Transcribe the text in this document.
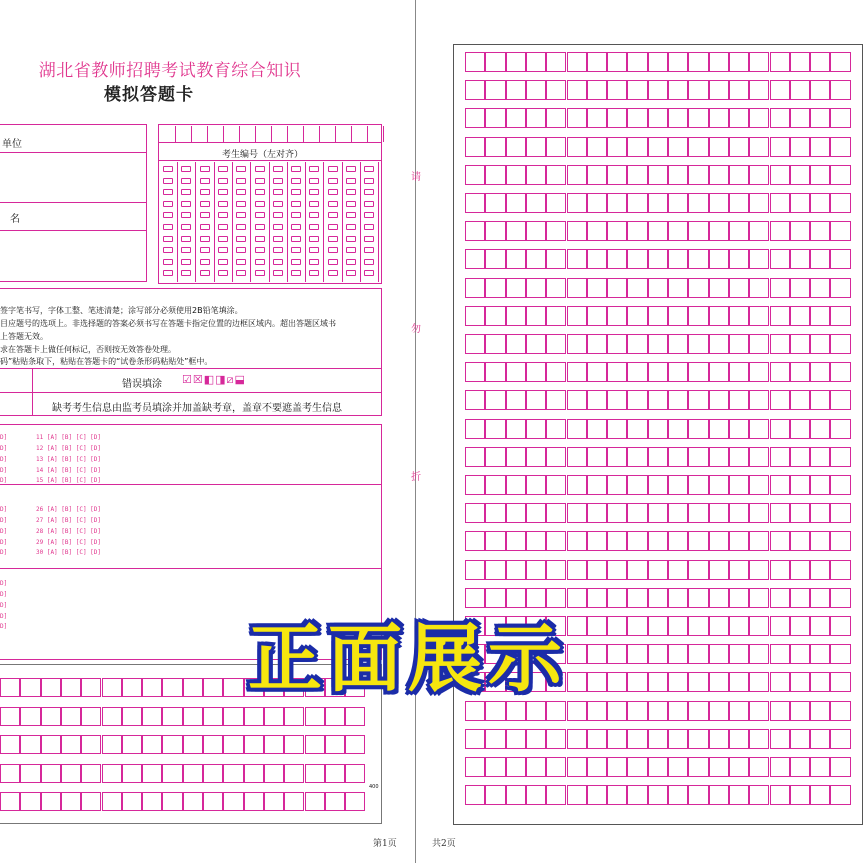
湖北省教师招聘考试教育综合知识
模拟答题卡
单位
名
考生编号（左对齐）
签字笔书写，字体工整、笔迹清楚；涂写部分必须使用2B铅笔填涂。
目应题号的选项上。非选择题的答案必须书写在答题卡指定位置的边框区域内。超出答题区域书
上答题无效。
求在答题卡上做任何标记，否则按无效答卷处理。
码”粘贴条取下，粘贴在答题卡的“试卷条形码粘贴处”框中。
错误填涂 ☑☒◧◨⧄⬓
缺考考生信息由监考员填涂并加盖缺考章，盖章不要遮盖考生信息
D]
D]
D]
D]
D]
11 [A] [B] [C] [D]
12 [A] [B] [C] [D]
13 [A] [B] [C] [D]
14 [A] [B] [C] [D]
15 [A] [B] [C] [D]
D]
D]
D]
D]
D]
26 [A] [B] [C] [D]
27 [A] [B] [C] [D]
28 [A] [B] [C] [D]
29 [A] [B] [C] [D]
30 [A] [B] [C] [D]
D]
D]
D]
D]
D]
400
第1页
请
勿
折
共2页
正面展示
